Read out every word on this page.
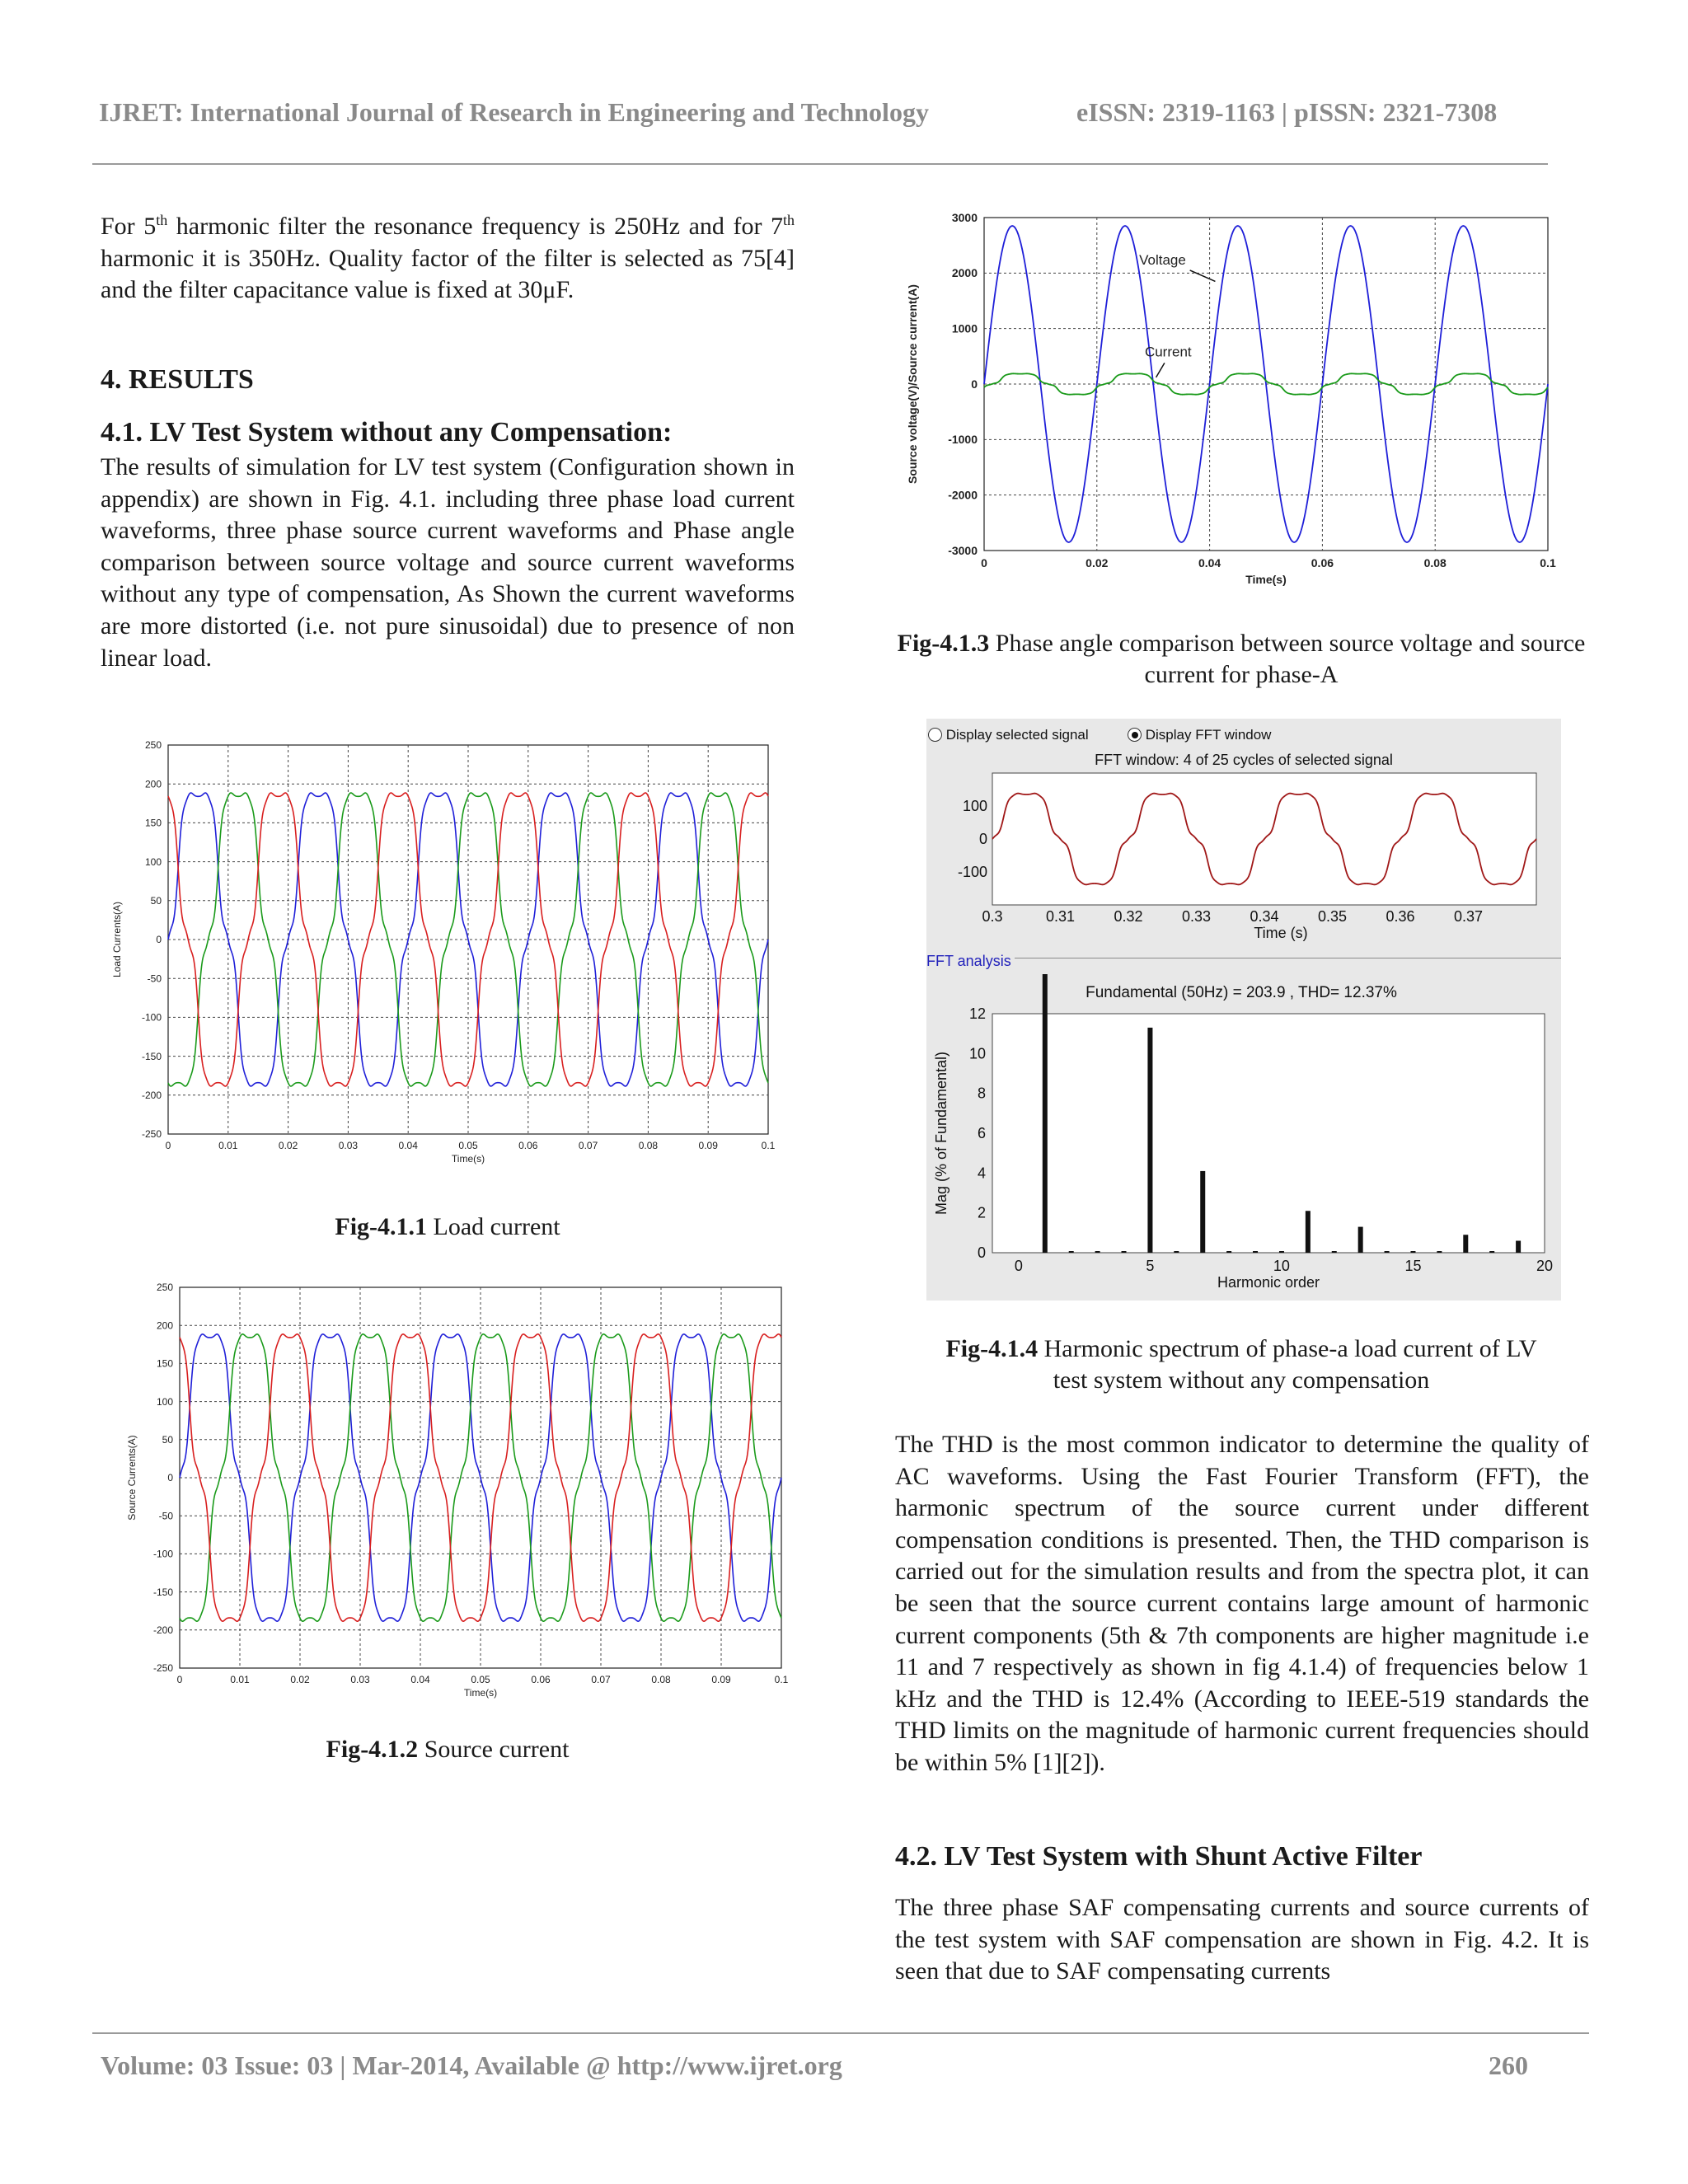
IJRET: International Journal of Research in Engineering and Technology	eISSN: 2319-1163 | pISSN: 2321-7308

For 5th harmonic filter the resonance frequency is 250Hz and for 7th harmonic it is 350Hz. Quality factor of the filter is selected as 75[4] and the filter capacitance value is fixed at 30μF.

4. RESULTS
4.1. LV Test System without any Compensation:

The results of simulation for LV test system (Configuration shown in appendix) are shown in Fig. 4.1. including three phase load current waveforms, three phase source current waveforms and Phase angle comparison between source voltage and source current waveforms without any type of compensation, As Shown the current waveforms are more distorted (i.e. not pure sinusoidal) due to presence of non linear load.

0	0.01	0.02	0.03	0.04	0.05	0.06	0.07	0.08	0.09	0.1
250
200
150
100
50
0
-50
-100
-150
-200
-250
Time(s)
Load Currents(A)
Fig-4.1.1 Load current
0	0.01	0.02	0.03	0.04	0.05	0.06	0.07	0.08	0.09	0.1
250
200
150
100
50
0
-50
-100
-150
-200
-250
Time(s)
Source Currents(A)
Fig-4.1.2 Source current
0	0.02	0.04	0.06	0.08	0.1
3000
2000
1000
0
-1000
-2000
-3000
Time(s)
Source voltage(V)/Source current(A)
Voltage
Current
Fig-4.1.3 Phase angle comparison between source voltage and source current for phase-A
Display selected signal	Display FFT window
FFT window: 4 of 25 cycles of selected signal
100
0
-100
0.3	0.31	0.32	0.33	0.34	0.35	0.36	0.37
Time (s)
FFT analysis
Fundamental (50Hz) = 203.9 , THD= 12.37%
12
10
8
6
4
2
0
0	5	10	15	20
Harmonic order
Mag (% of Fundamental)
Fig-4.1.4 Harmonic spectrum of phase-a load current of LV test system without any compensation

The THD is the most common indicator to determine the quality of AC waveforms. Using the Fast Fourier Transform (FFT), the harmonic spectrum of the source current under different compensation conditions is presented. Then, the THD comparison is carried out for the simulation results and from the spectra plot, it can be seen that the source current contains large amount of harmonic current components (5th & 7th components are higher magnitude i.e 11 and 7 respectively as shown in fig 4.1.4) of frequencies below 1 kHz and the THD is 12.4% (According to IEEE-519 standards the THD limits on the magnitude of harmonic current frequencies should be within 5% [1][2]).

4.2. LV Test System with Shunt Active Filter

The three phase SAF compensating currents and source currents of the test system with SAF compensation are shown in Fig. 4.2. It is seen that due to SAF compensating currents

Volume: 03 Issue: 03 | Mar-2014, Available @ http://www.ijret.org	260
